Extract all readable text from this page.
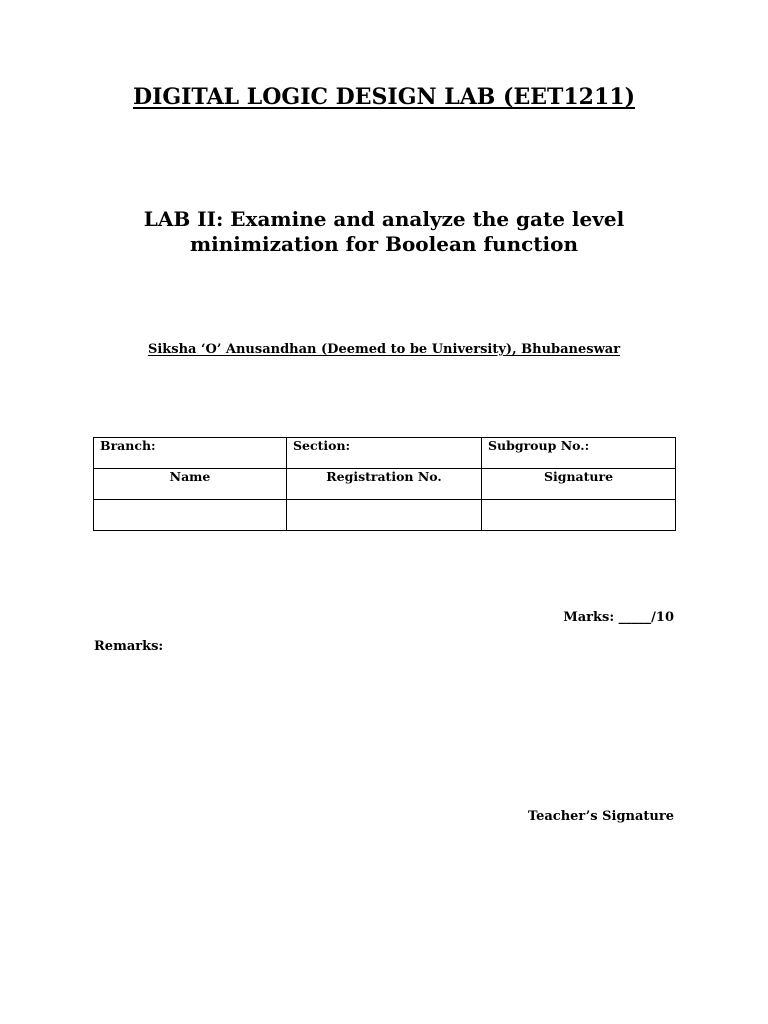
DIGITAL LOGIC DESIGN LAB (EET1211)
LAB II: Examine and analyze the gate level
minimization for Boolean function

Siksha ‘O’ Anusandhan (Deemed to be University), Bhubaneswar

Branch:	Section:	Subgroup No.:
Name	Registration No.	Signature

Marks: _____/10

Remarks:

Teacher’s Signature
